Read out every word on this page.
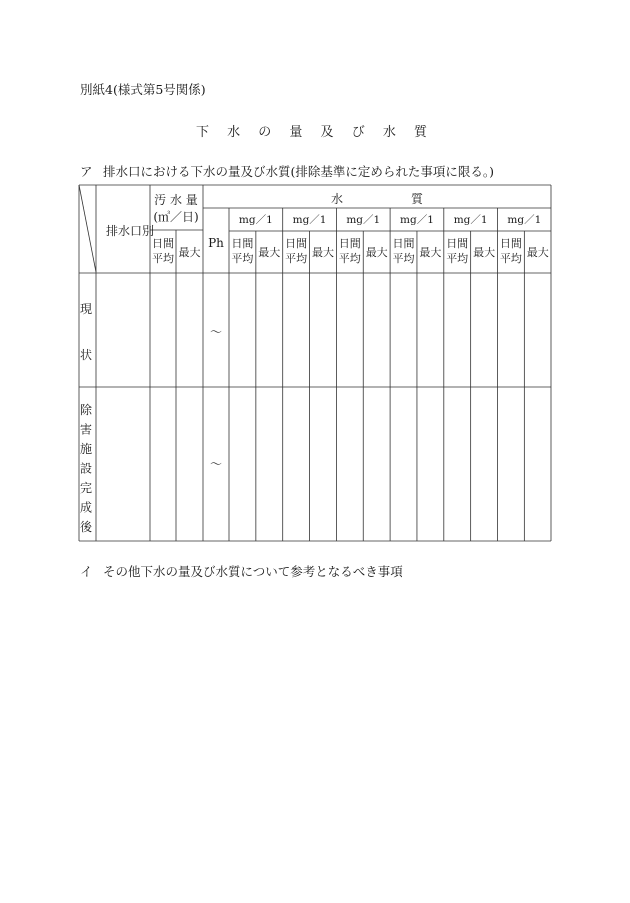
別紙4(様式第5号関係)
下 水 の 量 及 び 水 質
ア 排水口における下水の量及び水質(排除基準に定められた事項に限る。)
排水口別
汚 水 量
(㎥／日)
水	質
Ph
日間
平均 最大
mg／1
日間
平均 最大
mg／1
日間
平均 最大
mg／1
日間
平均 最大
mg／1
日間
平均 最大
mg／1
日間
平均 最大
mg／1
日間
平均 最大
〜
〜
現
状
除
害
施
設
完
成
後
イ その他下水の量及び水質について参考となるべき事項
